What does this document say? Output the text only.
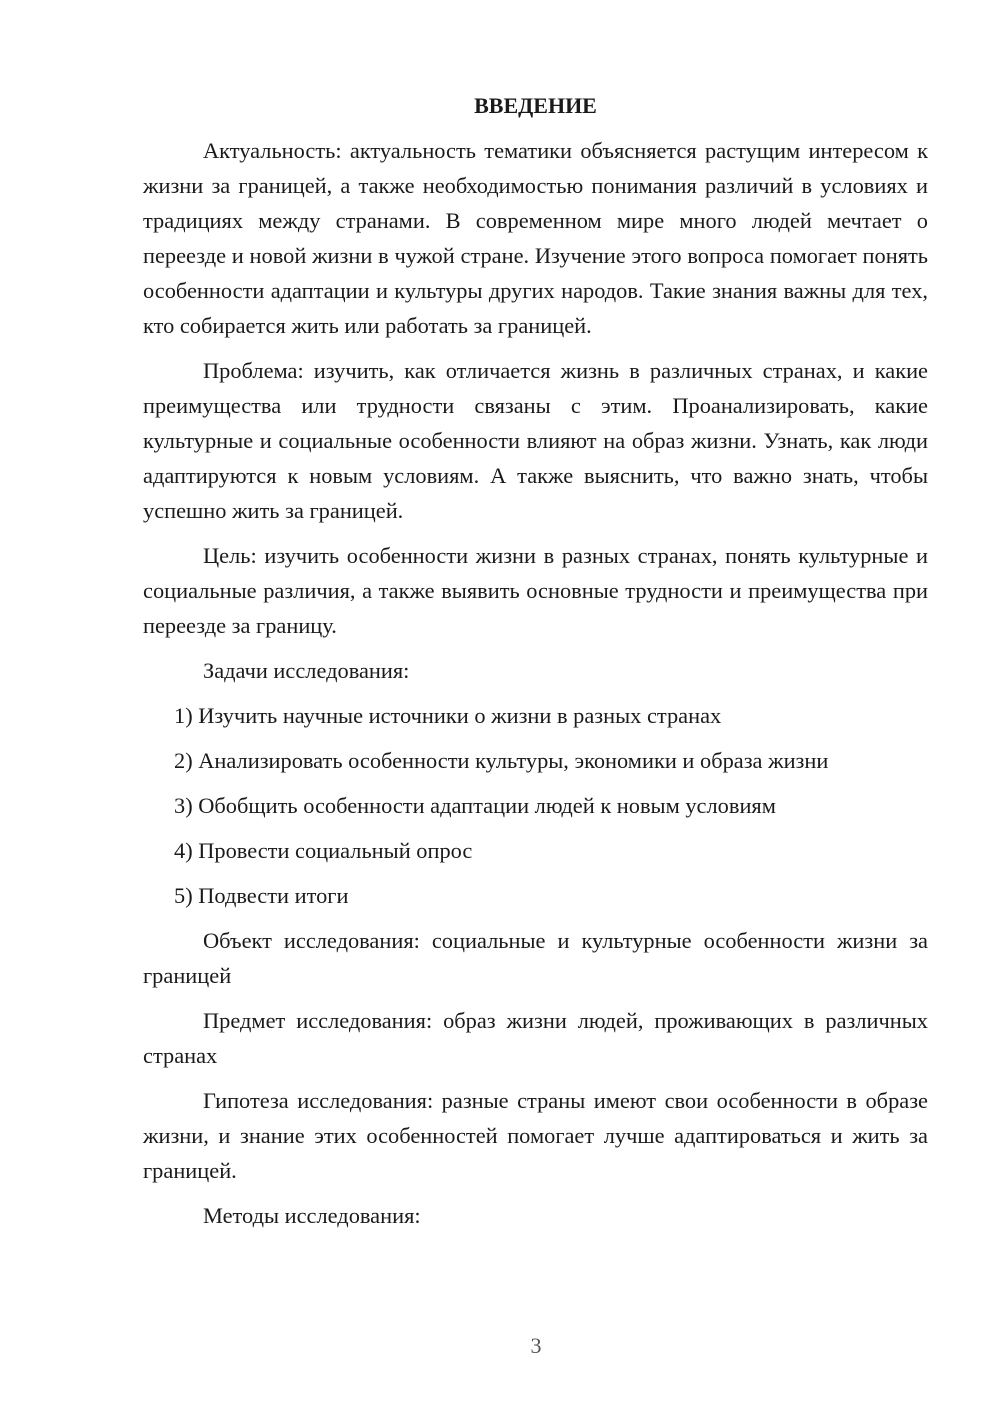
ВВЕДЕНИЕ
Актуальность: актуальность тематики объясняется растущим интересом к жизни за границей, а также необходимостью понимания различий в условиях и традициях между странами. В современном мире много людей мечтает о переезде и новой жизни в чужой стране. Изучение этого вопроса помогает понять особенности адаптации и культуры других народов. Такие знания важны для тех, кто собирается жить или работать за границей.
Проблема: изучить, как отличается жизнь в различных странах, и какие преимущества или трудности связаны с этим. Проанализировать, какие культурные и социальные особенности влияют на образ жизни. Узнать, как люди адаптируются к новым условиям. А также выяснить, что важно знать, чтобы успешно жить за границей.
Цель: изучить особенности жизни в разных странах, понять культурные и социальные различия, а также выявить основные трудности и преимущества при переезде за границу.
Задачи исследования:
1) Изучить научные источники о жизни в разных странах
2) Анализировать особенности культуры, экономики и образа жизни
3) Обобщить особенности адаптации людей к новым условиям
4) Провести социальный опрос
5) Подвести итоги
Объект исследования: социальные и культурные особенности жизни за границей
Предмет исследования: образ жизни людей, проживающих в различных странах
Гипотеза исследования: разные страны имеют свои особенности в образе жизни, и знание этих особенностей помогает лучше адаптироваться и жить за границей.
Методы исследования:
3
